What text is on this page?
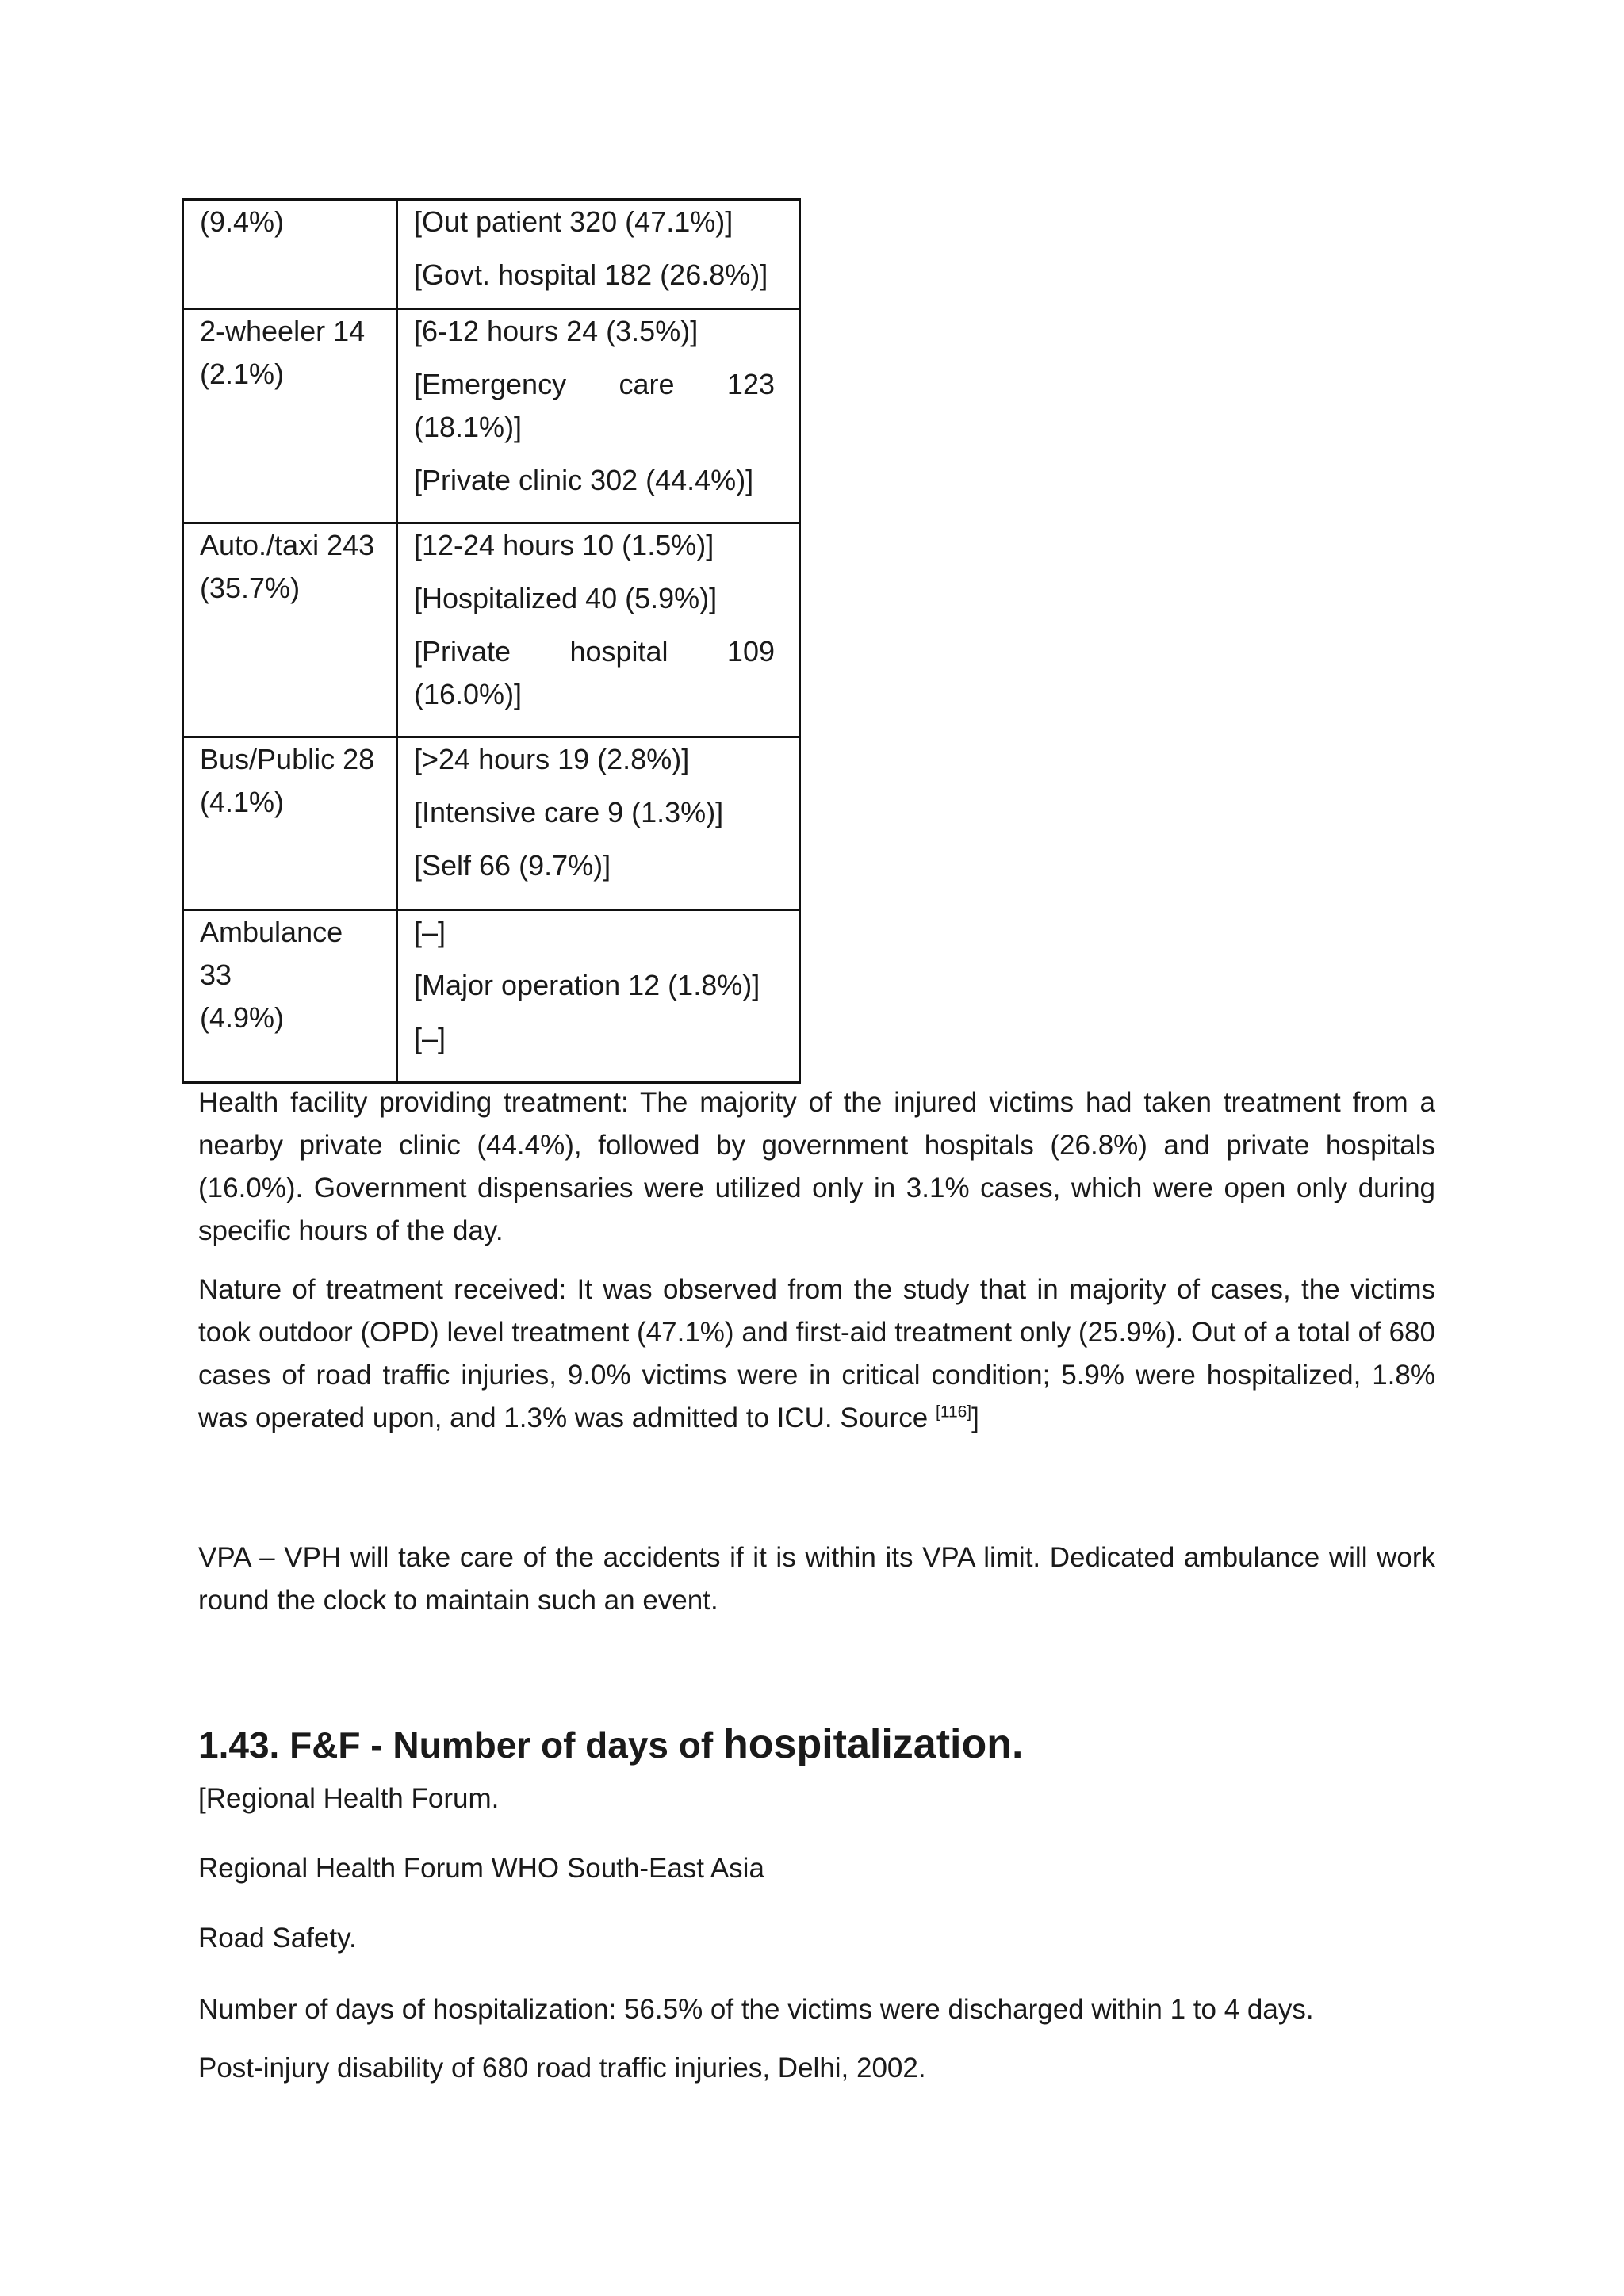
(9.4%)	[Out patient 320 (47.1%)]
[Govt. hospital 182 (26.8%)]

2-wheeler 14
(2.1%)	[6-12 hours 24 (3.5%)]
[Emergency care 123 (18.1%)]
[Private clinic 302 (44.4%)]

Auto./taxi 243
(35.7%)	[12-24 hours 10 (1.5%)]
[Hospitalized 40 (5.9%)]
[Private hospital 109 (16.0%)]

Bus/Public 28
(4.1%)	[>24 hours 19 (2.8%)]
[Intensive care 9 (1.3%)]
[Self 66 (9.7%)]

Ambulance 33
(4.9%)	[–]
[Major operation 12 (1.8%)]
[–]

Health facility providing treatment: The majority of the injured victims had taken treatment from a nearby private clinic (44.4%), followed by government hospitals (26.8%) and private hospitals (16.0%). Government dispensaries were utilized only in 3.1% cases, which were open only during specific hours of the day.

Nature of treatment received: It was observed from the study that in majority of cases, the victims took outdoor (OPD) level treatment (47.1%) and first-aid treatment only (25.9%). Out of a total of 680 cases of road traffic injuries, 9.0% victims were in critical condition; 5.9% were hospitalized, 1.8% was operated upon, and 1.3% was admitted to ICU. Source [116]]

VPA – VPH will take care of the accidents if it is within its VPA limit. Dedicated ambulance will work round the clock to maintain such an event.

1.43. F&F - Number of days of hospitalization.
[Regional Health Forum.
Regional Health Forum WHO South-East Asia
Road Safety.
Number of days of hospitalization: 56.5% of the victims were discharged within 1 to 4 days.
Post-injury disability of 680 road traffic injuries, Delhi, 2002.
